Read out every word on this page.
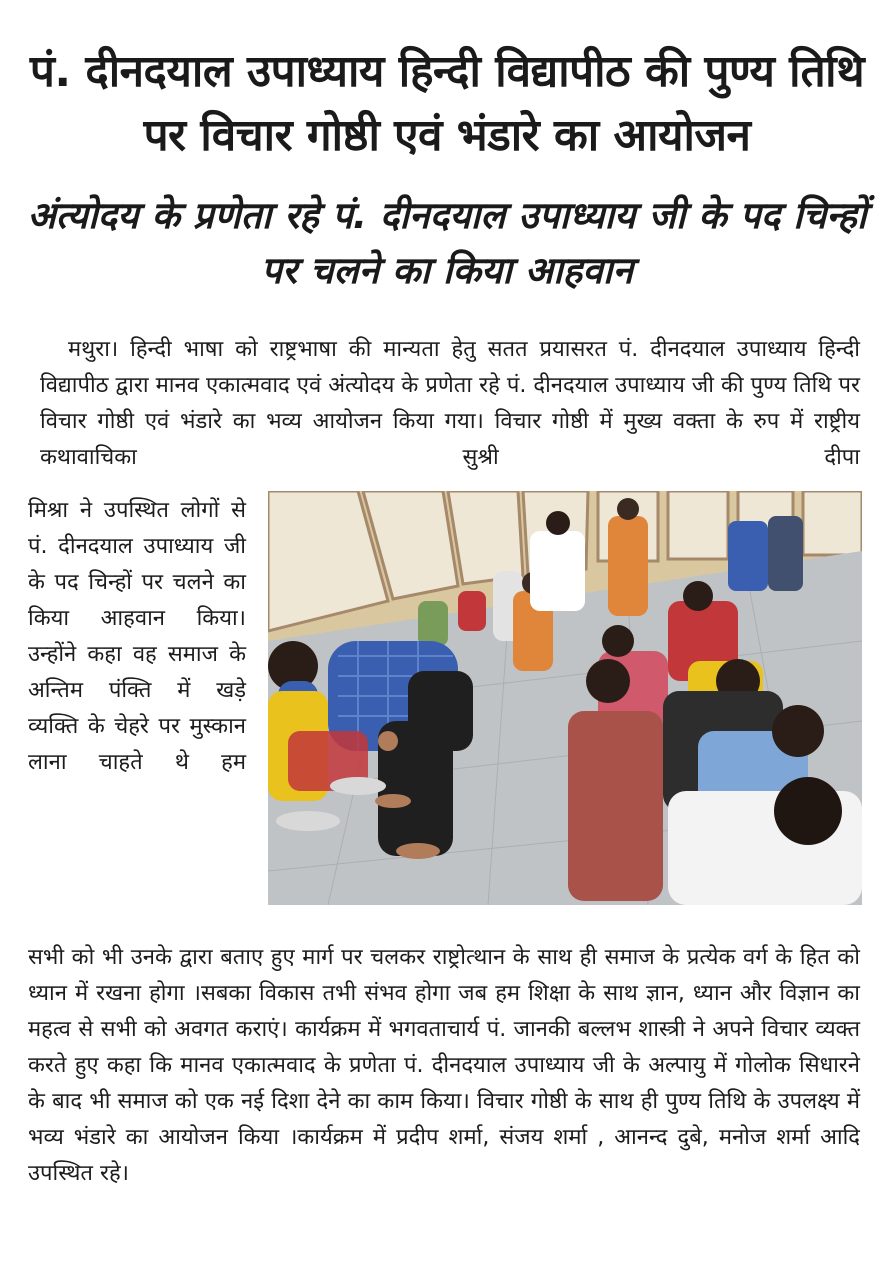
पं. दीनदयाल उपाध्याय हिन्दी विद्यापीठ की पुण्य तिथि पर विचार गोष्ठी एवं भंडारे का आयोजन
अंत्योदय के प्रणेता रहे पं. दीनदयाल उपाध्याय जी के पद चिन्हों पर चलने का किया आहवान
मथुरा। हिन्दी भाषा को राष्ट्रभाषा की मान्यता हेतु सतत प्रयासरत पं. दीनदयाल उपाध्याय हिन्दी विद्यापीठ द्वारा मानव एकात्मवाद एवं अंत्योदय के प्रणेता रहे पं. दीनदयाल उपाध्याय जी की पुण्य तिथि पर विचार गोष्ठी एवं भंडारे का भव्य आयोजन किया गया। विचार गोष्ठी में मुख्य वक्ता के रुप में राष्ट्रीय कथावाचिका सुश्री दीपा
मिश्रा ने उपस्थित लोगों से पं. दीनदयाल उपाध्याय जी के पद चिन्हों पर चलने का किया आहवान किया। उन्होंने कहा वह समाज के अन्तिम पंक्ति में खड़े व्यक्ति के चेहरे पर मुस्कान लाना चाहते थे हम
सभी को भी उनके द्वारा बताए हुए मार्ग पर चलकर राष्ट्रोत्थान के साथ ही समाज के प्रत्येक वर्ग के हित को ध्यान में रखना होगा ।सबका विकास तभी संभव होगा जब हम शिक्षा के साथ ज्ञान, ध्यान और विज्ञान का महत्व से सभी को अवगत कराएं। कार्यक्रम में भगवताचार्य पं. जानकी बल्लभ शास्त्री ने अपने विचार व्यक्त करते हुए कहा कि मानव एकात्मवाद के प्रणेता पं. दीनदयाल उपाध्याय जी के अल्पायु में गोलोक सिधारने के बाद भी समाज को एक नई दिशा देने का काम किया। विचार गोष्ठी के साथ ही पुण्य तिथि के उपलक्ष्य में भव्य भंडारे का आयोजन किया ।कार्यक्रम में प्रदीप शर्मा, संजय शर्मा , आनन्द दुबे, मनोज शर्मा आदि उपस्थित रहे।
